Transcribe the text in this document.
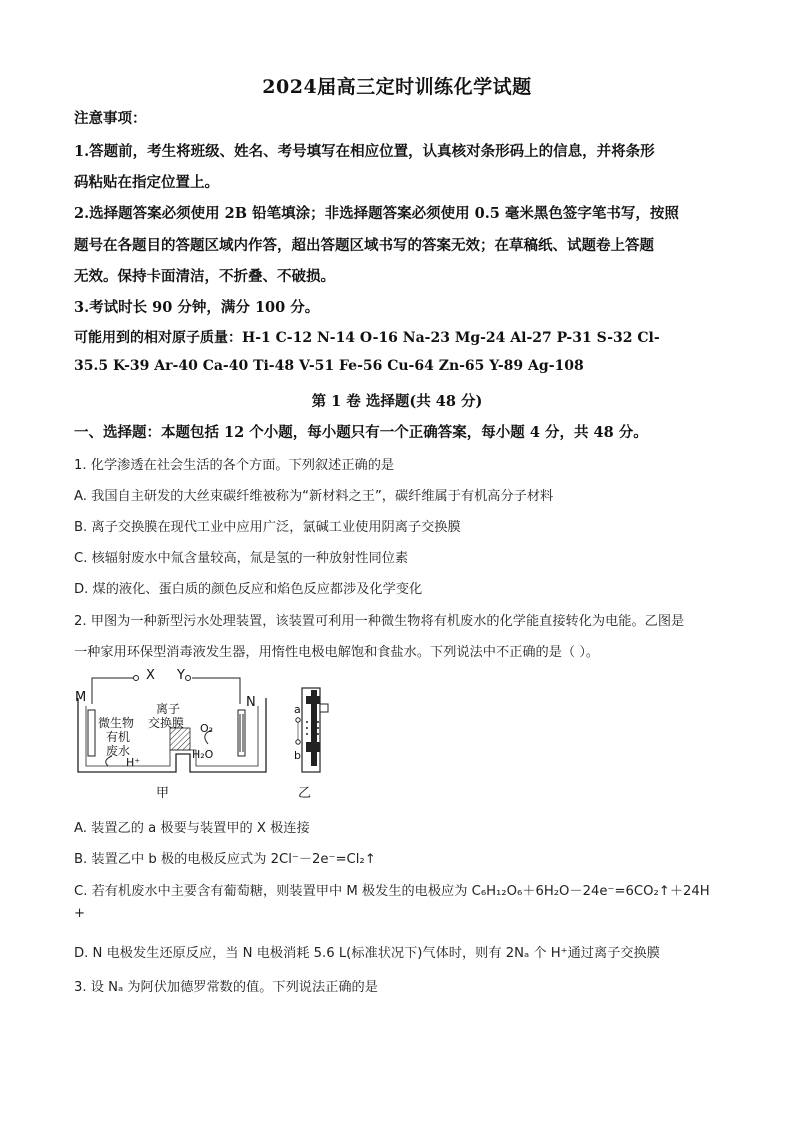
2024届高三定时训练化学试题
注意事项：
1.答题前，考生将班级、姓名、考号填写在相应位置，认真核对条形码上的信息，并将条形
码粘贴在指定位置上。
2.选择题答案必须使用 2B 铅笔填涂；非选择题答案必须使用 0.5 毫米黑色签字笔书写，按照
题号在各题目的答题区域内作答，超出答题区域书写的答案无效；在草稿纸、试题卷上答题
无效。保持卡面清洁，不折叠、不破损。
3.考试时长 90 分钟，满分 100 分。
可能用到的相对原子质量：H-1 C-12 N-14 O-16 Na-23 Mg-24 Al-27 P-31 S-32 Cl-
35.5 K-39 Ar-40 Ca-40 Ti-48 V-51 Fe-56 Cu-64 Zn-65 Y-89 Ag-108
第 1 卷 选择题(共 48 分)
一、选择题：本题包括 12 个小题，每小题只有一个正确答案，每小题 4 分，共 48 分。
1. 化学渗透在社会生活的各个方面。下列叙述正确的是
A. 我国自主研发的大丝束碳纤维被称为“新材料之王”，碳纤维属于有机高分子材料
B. 离子交换膜在现代工业中应用广泛，氯碱工业使用阴离子交换膜
C. 核辐射废水中氚含量较高，氚是氢的一种放射性同位素
D. 煤的液化、蛋白质的颜色反应和焰色反应都涉及化学变化
2. 甲图为一种新型污水处理装置，该装置可利用一种微生物将有机废水的化学能直接转化为电能。乙图是
一种家用环保型消毒液发生器，用惰性电极电解饱和食盐水。下列说法中不正确的是（ ）。
X Y
M	N
离子
交换膜
微生物
有机
废水
H⁺
O₂
H₂O
甲
a
b
乙
A. 装置乙的 a 极要与装置甲的 X 极连接
B. 装置乙中 b 极的电极反应式为 2Cl⁻－2e⁻=Cl₂↑
C. 若有机废水中主要含有葡萄糖，则装置甲中 M 极发生的电极应为 C₆H₁₂O₆＋6H₂O－24e⁻=6CO₂↑＋24H
+
D. N 电极发生还原反应，当 N 电极消耗 5.6 L(标准状况下)气体时，则有 2Nₐ 个 H⁺通过离子交换膜
3. 设 Nₐ 为阿伏加德罗常数的值。下列说法正确的是
